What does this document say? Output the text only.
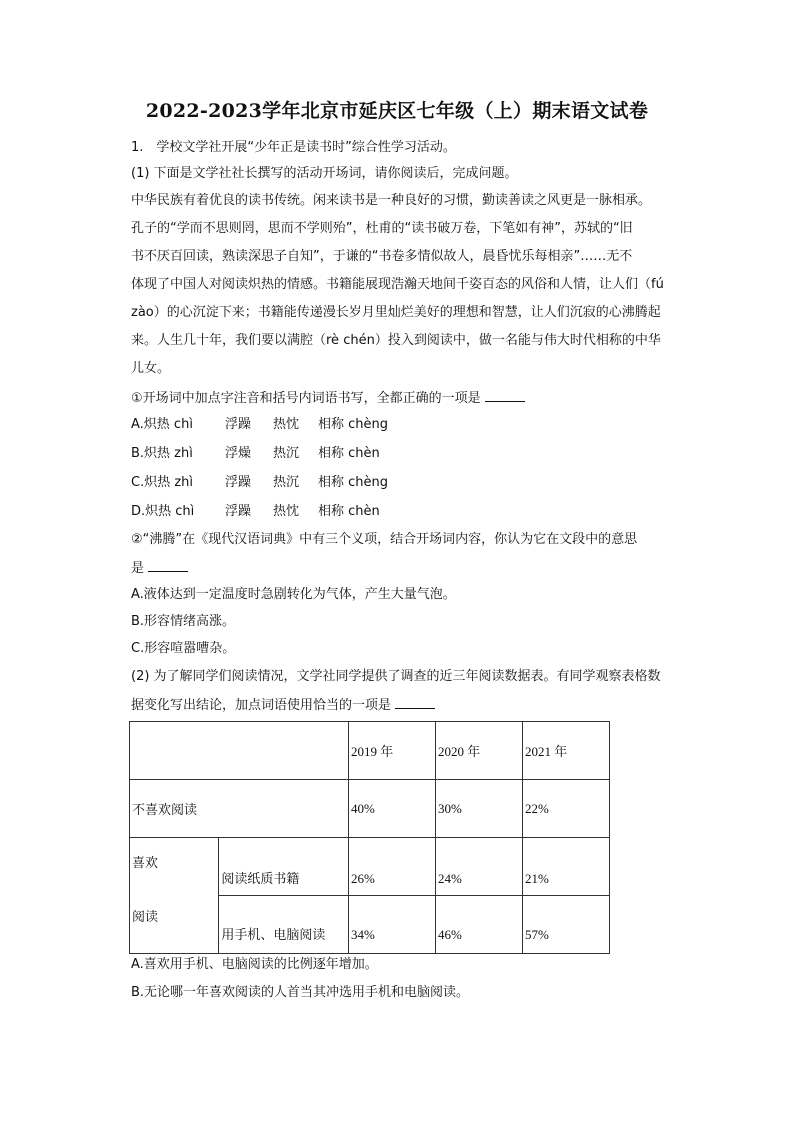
2022-2023学年北京市延庆区七年级（上）期末语文试卷
1.　学校文学社开展“少年正是读书时”综合性学习活动。
(1) 下面是文学社社长撰写的活动开场词，请你阅读后，完成问题。
中华民族有着优良的读书传统。闲来读书是一种良好的习惯，勤读善读之风更是一脉相承。
孔子的“学而不思则罔，思而不学则殆”，杜甫的“读书破万卷，下笔如有神”，苏轼的“旧
书不厌百回读，熟读深思子自知”，于谦的“书卷多情似故人，晨昏忧乐每相亲”……无不
体现了中国人对阅读炽热的情感。书籍能展现浩瀚天地间千姿百态的风俗和人情，让人们（fú
zào）的心沉淀下来；书籍能传递漫长岁月里灿烂美好的理想和智慧，让人们沉寂的心沸腾起
来。人生几十年，我们要以满腔（rè chén）投入到阅读中，做一名能与伟大时代相称的中华
儿女。
①开场词中加点字注音和括号内词语书写，全都正确的一项是
A.炽热 chì 浮躁 热忱 相称 chèng
B.炽热 zhì 浮燥 热沉 相称 chèn
C.炽热 zhì 浮躁 热沉 相称 chèng
D.炽热 chì 浮躁 热忱 相称 chèn
②“沸腾”在《现代汉语词典》中有三个义项，结合开场词内容，你认为它在文段中的意思
是
A.液体达到一定温度时急剧转化为气体，产生大量气泡。
B.形容情绪高涨。
C.形容喧嚣嘈杂。
(2) 为了解同学们阅读情况，文学社同学提供了调查的近三年阅读数据表。有同学观察表格数
据变化写出结论，加点词语使用恰当的一项是
		2019 年	2020 年	2021 年
不喜欢阅读		40%	30%	22%

喜欢
阅读	阅读纸质书籍	26%	24%	21%
	用手机、电脑阅读	34%	46%	57%
A.喜欢用手机、电脑阅读的比例逐年增加。
B.无论哪一年喜欢阅读的人首当其冲选用手机和电脑阅读。
